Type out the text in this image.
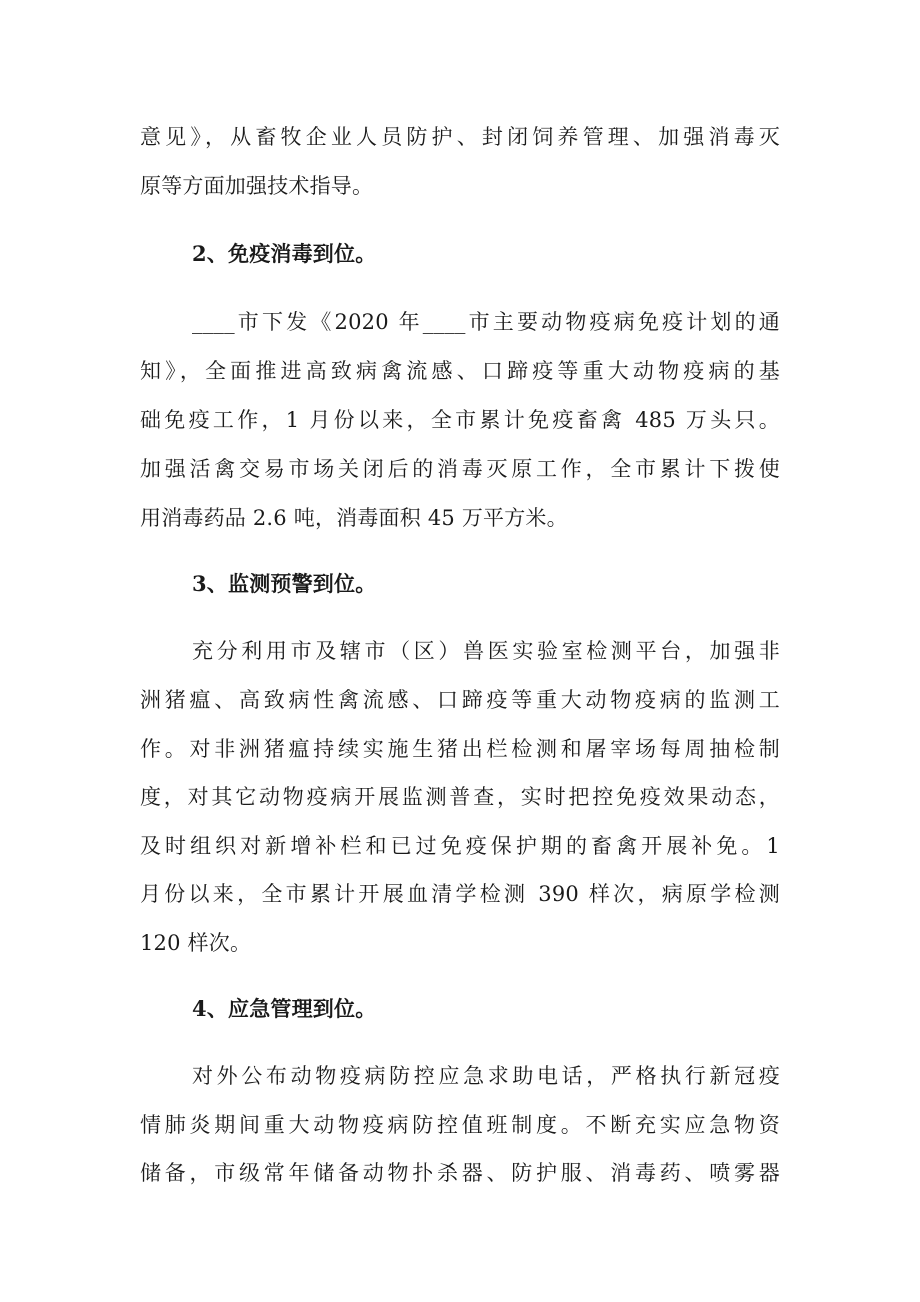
意见》，从畜牧企业人员防护、封闭饲养管理、加强消毒灭
原等方面加强技术指导。
2、免疫消毒到位。
____市下发《2020 年____市主要动物疫病免疫计划的通
知》，全面推进高致病禽流感、口蹄疫等重大动物疫病的基
础免疫工作，1 月份以来，全市累计免疫畜禽 485 万头只。
加强活禽交易市场关闭后的消毒灭原工作，全市累计下拨使
用消毒药品 2.6 吨，消毒面积 45 万平方米。
3、监测预警到位。
充分利用市及辖市（区）兽医实验室检测平台，加强非
洲猪瘟、高致病性禽流感、口蹄疫等重大动物疫病的监测工
作。对非洲猪瘟持续实施生猪出栏检测和屠宰场每周抽检制
度，对其它动物疫病开展监测普查，实时把控免疫效果动态，
及时组织对新增补栏和已过免疫保护期的畜禽开展补免。1
月份以来，全市累计开展血清学检测 390 样次，病原学检测
120 样次。
4、应急管理到位。
对外公布动物疫病防控应急求助电话，严格执行新冠疫
情肺炎期间重大动物疫病防控值班制度。不断充实应急物资
储备，市级常年储备动物扑杀器、防护服、消毒药、喷雾器
